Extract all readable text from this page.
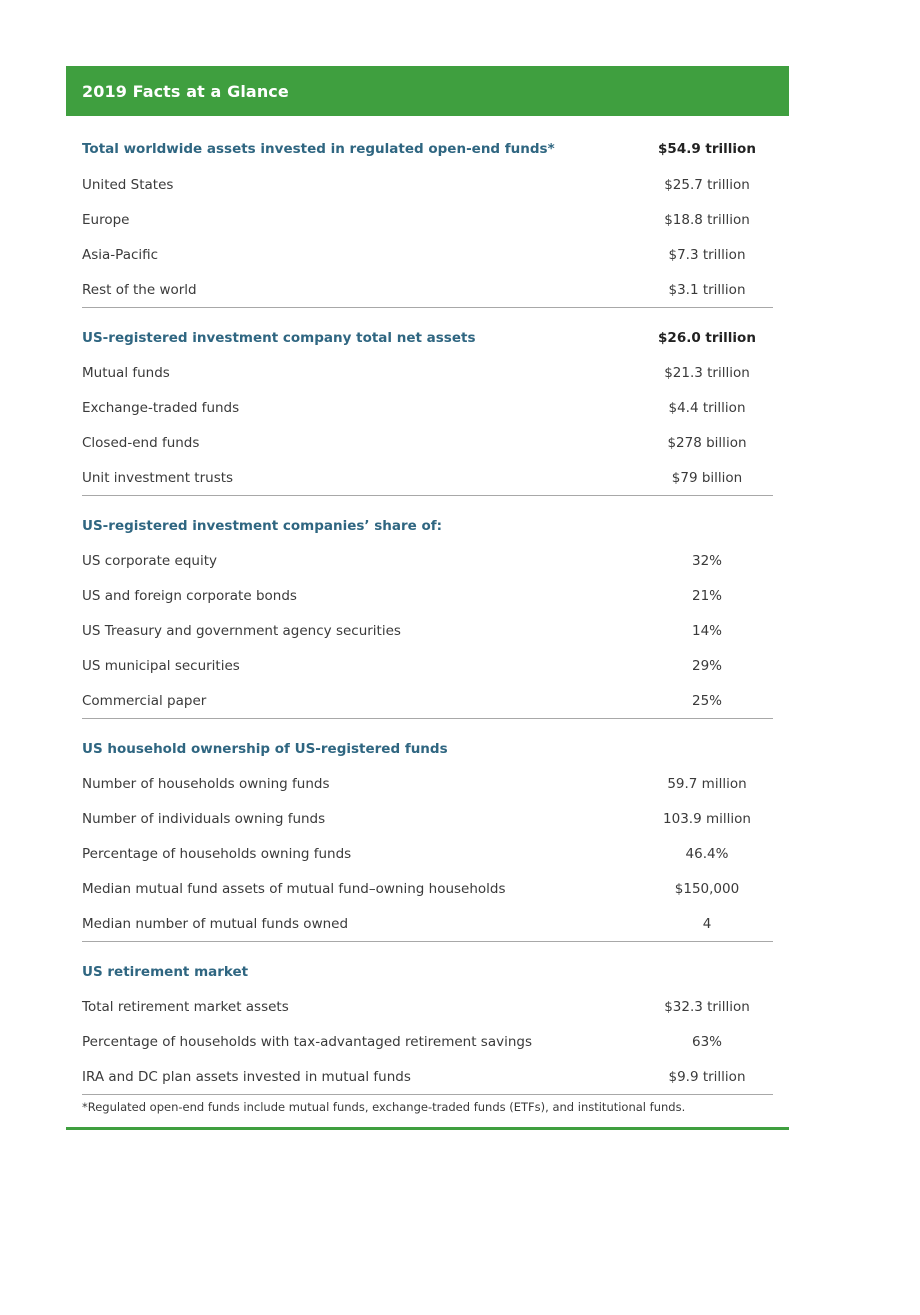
2019 Facts at a Glance
Total worldwide assets invested in regulated open-end funds*	$54.9 trillion
United States	$25.7 trillion
Europe	$18.8 trillion
Asia-Pacific	$7.3 trillion
Rest of the world	$3.1 trillion
US-registered investment company total net assets	$26.0 trillion
Mutual funds	$21.3 trillion
Exchange-traded funds	$4.4 trillion
Closed-end funds	$278 billion
Unit investment trusts	$79 billion
US-registered investment companies’ share of:
US corporate equity	32%
US and foreign corporate bonds	21%
US Treasury and government agency securities	14%
US municipal securities	29%
Commercial paper	25%
US household ownership of US-registered funds
Number of households owning funds	59.7 million
Number of individuals owning funds	103.9 million
Percentage of households owning funds	46.4%
Median mutual fund assets of mutual fund–owning households	$150,000
Median number of mutual funds owned	4
US retirement market
Total retirement market assets	$32.3 trillion
Percentage of households with tax-advantaged retirement savings	63%
IRA and DC plan assets invested in mutual funds	$9.9 trillion
*Regulated open-end funds include mutual funds, exchange-traded funds (ETFs), and institutional funds.
